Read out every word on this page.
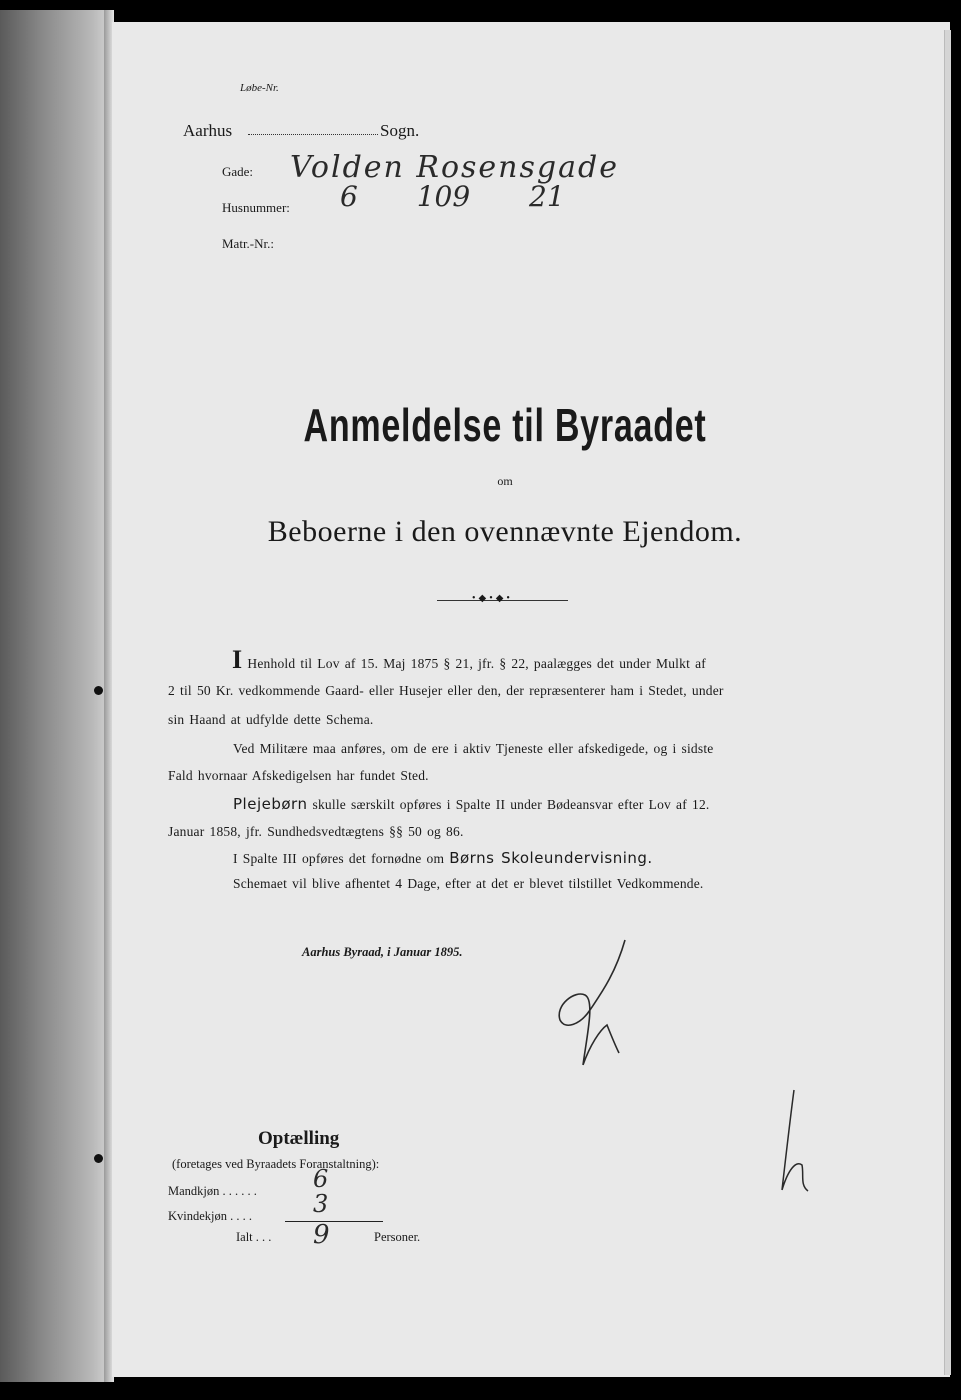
Løbe-Nr.
Aarhus	Sogn.
Gade: Volden Rosensgade
Husnummer: 6 109 21
Matr.-Nr.:
Anmeldelse til Byraadet
om
Beboerne i den ovennævnte Ejendom.
•◆•◆•
I Henhold til Lov af 15. Maj 1875 § 21, jfr. § 22, paalægges det under Mulkt af
2 til 50 Kr. vedkommende Gaard- eller Husejer eller den, der repræsenterer ham i Stedet, under
sin Haand at udfylde dette Schema.
Ved Militære maa anføres, om de ere i aktiv Tjeneste eller afskedigede, og i sidste
Fald hvornaar Afskedigelsen har fundet Sted.
Plejebørn skulle særskilt opføres i Spalte II under Bødeansvar efter Lov af 12.
Januar 1858, jfr. Sundhedsvedtægtens §§ 50 og 86.
I Spalte III opføres det fornødne om Børns Skoleundervisning.
Schemaet vil blive afhentet 4 Dage, efter at det er blevet tilstillet Vedkommende.
Aarhus Byraad, i Januar 1895.
Optælling
(foretages ved Byraadets Foranstaltning):
Mandkjøn . . . . . . 6
Kvindekjøn . . . .	3
Ialt . . . 9	Personer.
